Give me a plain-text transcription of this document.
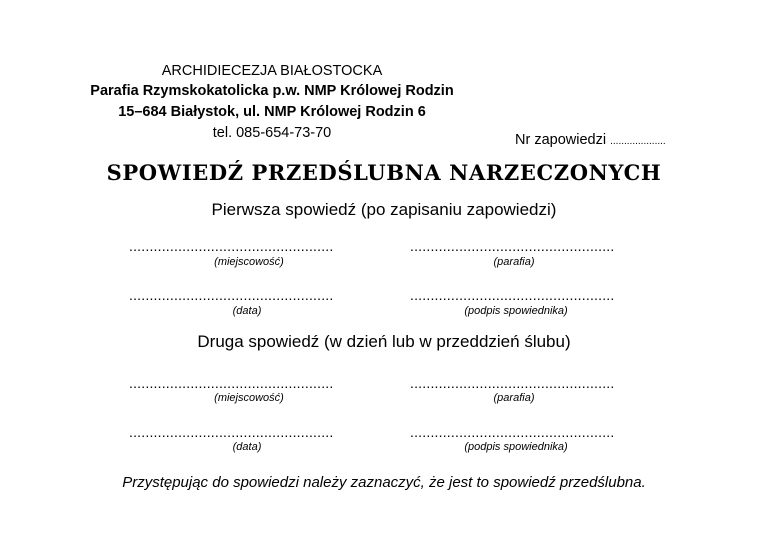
ARCHIDIECEZJA BIAŁOSTOCKA
Parafia Rzymskokatolicka p.w. NMP Królowej Rodzin
15–684 Białystok, ul. NMP Królowej Rodzin 6
tel. 085-654-73-70	Nr zapowiedzi ....................
SPOWIEDŹ PRZEDŚLUBNA NARZECZONYCH
Pierwsza spowiedź (po zapisaniu zapowiedzi)
..................................................
(miejscowość)
..................................................
(parafia)
..................................................
(data)
..................................................
(podpis spowiednika)
Druga spowiedź (w dzień lub w przeddzień ślubu)
..................................................
(miejscowość)
..................................................
(parafia)
..................................................
(data)
..................................................
(podpis spowiednika)
Przystępując do spowiedzi należy zaznaczyć, że jest to spowiedź przedślubna.
